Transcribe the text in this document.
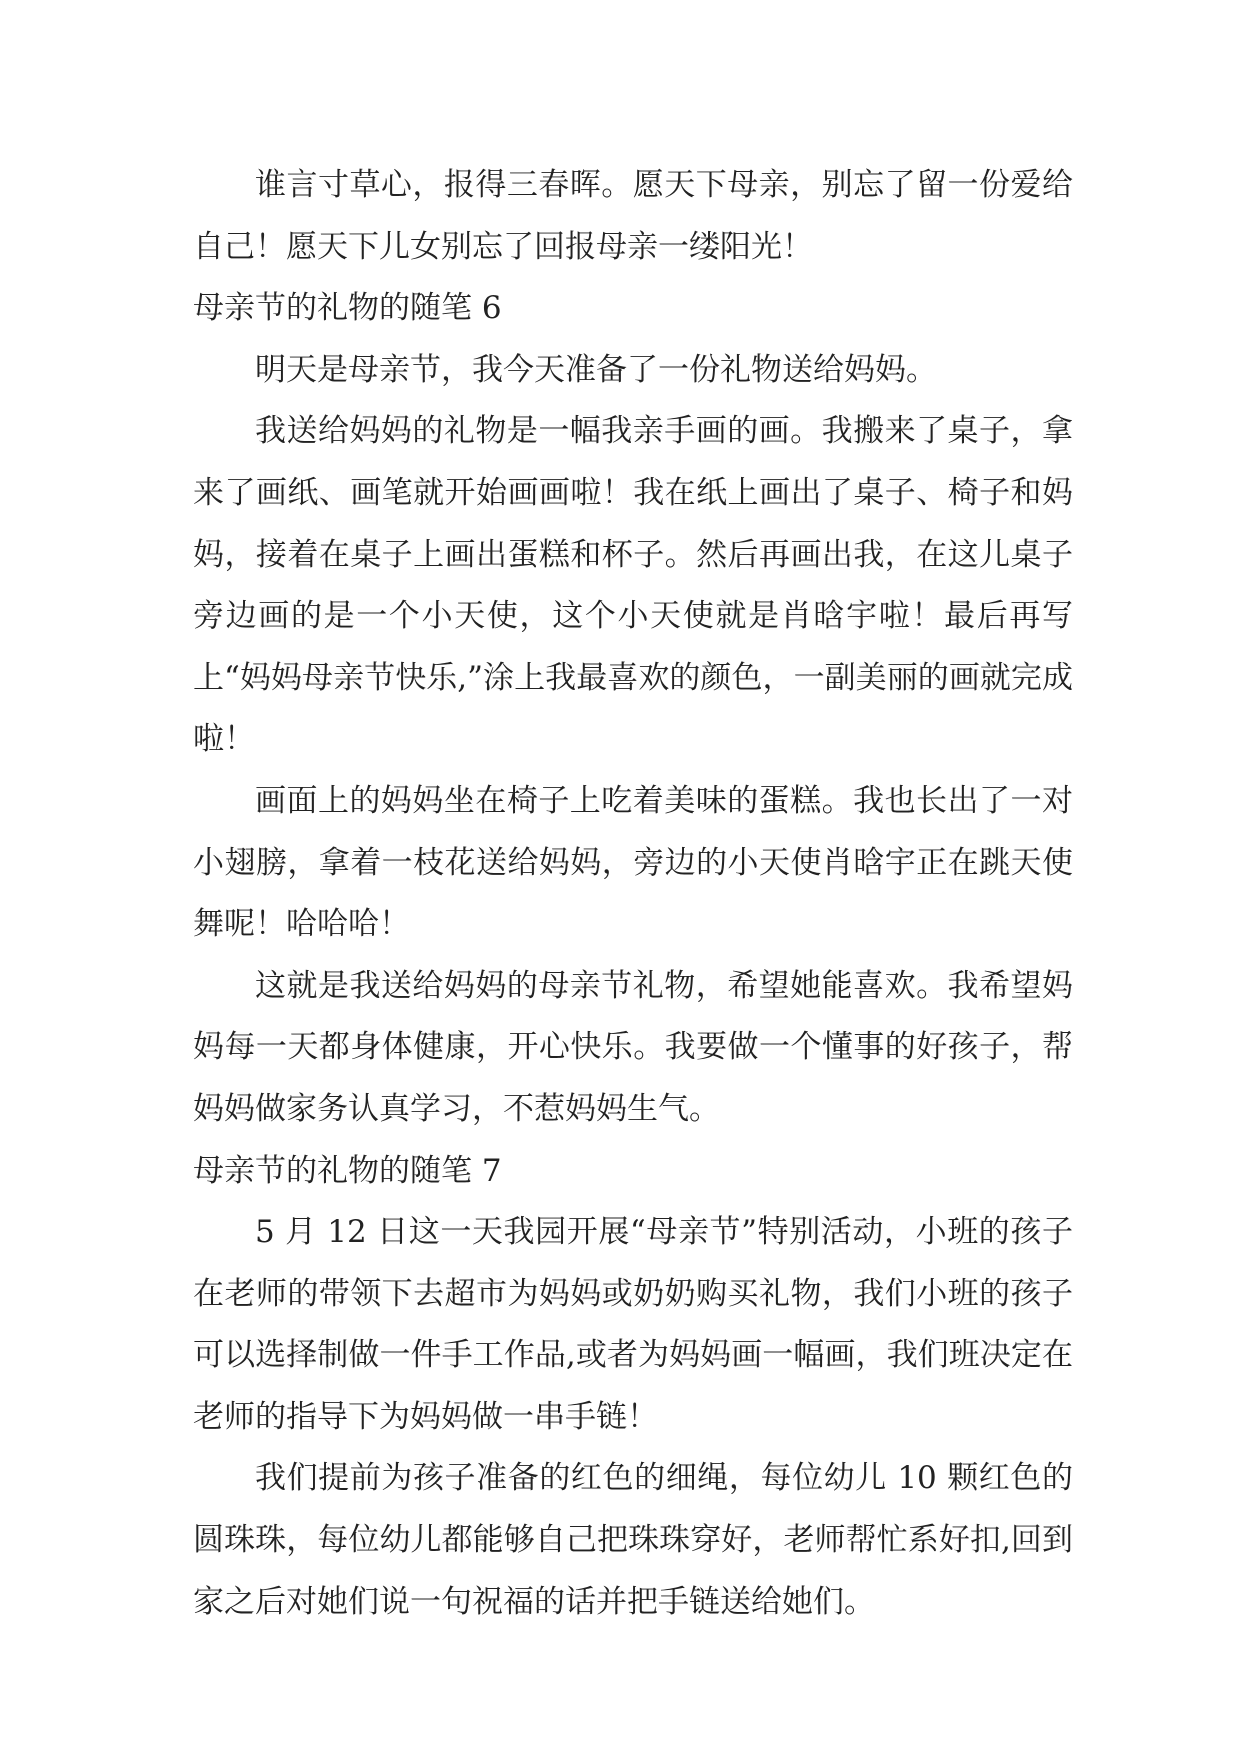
谁言寸草心，报得三春晖。愿天下母亲，别忘了留一份爱给自己！愿天下儿女别忘了回报母亲一缕阳光！

母亲节的礼物的随笔 6

明天是母亲节，我今天准备了一份礼物送给妈妈。

我送给妈妈的礼物是一幅我亲手画的画。我搬来了桌子，拿来了画纸、画笔就开始画画啦！我在纸上画出了桌子、椅子和妈妈，接着在桌子上画出蛋糕和杯子。然后再画出我，在这儿桌子旁边画的是一个小天使，这个小天使就是肖晗宇啦！最后再写上“妈妈母亲节快乐,”涂上我最喜欢的颜色，一副美丽的画就完成啦！

画面上的妈妈坐在椅子上吃着美味的蛋糕。我也长出了一对小翅膀，拿着一枝花送给妈妈，旁边的小天使肖晗宇正在跳天使舞呢！哈哈哈！

这就是我送给妈妈的母亲节礼物，希望她能喜欢。我希望妈妈每一天都身体健康，开心快乐。我要做一个懂事的好孩子，帮妈妈做家务认真学习，不惹妈妈生气。

母亲节的礼物的随笔 7

5 月 12 日这一天我园开展“母亲节”特别活动，小班的孩子在老师的带领下去超市为妈妈或奶奶购买礼物，我们小班的孩子可以选择制做一件手工作品,或者为妈妈画一幅画，我们班决定在老师的指导下为妈妈做一串手链！

我们提前为孩子准备的红色的细绳，每位幼儿 10 颗红色的圆珠珠，每位幼儿都能够自己把珠珠穿好，老师帮忙系好扣,回到家之后对她们说一句祝福的话并把手链送给她们。
